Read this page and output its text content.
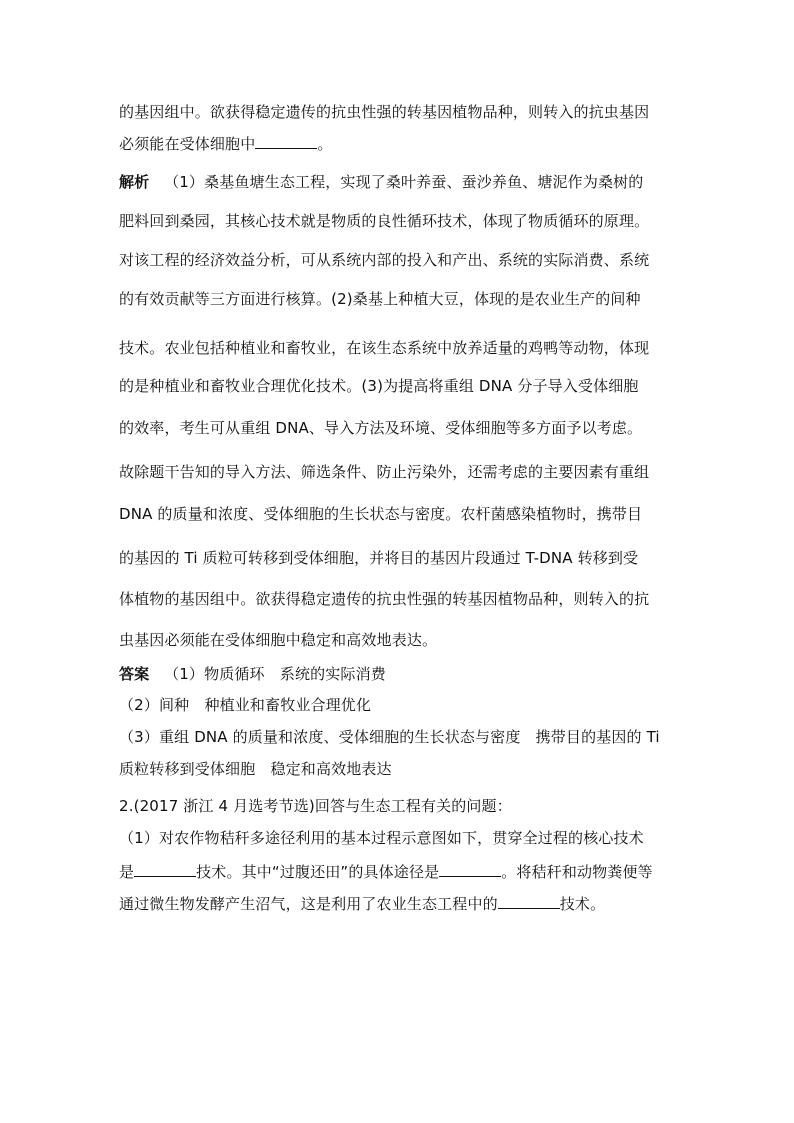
的基因组中。欲获得稳定遗传的抗虫性强的转基因植物品种，则转入的抗虫基因
必须能在受体细胞中	。
解析 （1）桑基鱼塘生态工程，实现了桑叶养蚕、蚕沙养鱼、塘泥作为桑树的
肥料回到桑园，其核心技术就是物质的良性循环技术，体现了物质循环的原理。
对该工程的经济效益分析，可从系统内部的投入和产出、系统的实际消费、系统
的有效贡献等三方面进行核算。(2)桑基上种植大豆，体现的是农业生产的间种
技术。农业包括种植业和畜牧业，在该生态系统中放养适量的鸡鸭等动物，体现
的是种植业和畜牧业合理优化技术。(3)为提高将重组 DNA 分子导入受体细胞
的效率，考生可从重组 DNA、导入方法及环境、受体细胞等多方面予以考虑。
故除题干告知的导入方法、筛选条件、防止污染外，还需考虑的主要因素有重组
DNA 的质量和浓度、受体细胞的生长状态与密度。农杆菌感染植物时，携带目
的基因的 Ti 质粒可转移到受体细胞，并将目的基因片段通过 T-DNA 转移到受
体植物的基因组中。欲获得稳定遗传的抗虫性强的转基因植物品种，则转入的抗
虫基因必须能在受体细胞中稳定和高效地表达。
答案 （1）物质循环　系统的实际消费
（2）间种　种植业和畜牧业合理优化
（3）重组 DNA 的质量和浓度、受体细胞的生长状态与密度　携带目的基因的 Ti
质粒转移到受体细胞　稳定和高效地表达
2.(2017 浙江 4 月选考节选)回答与生态工程有关的问题：
（1）对农作物秸秆多途径利用的基本过程示意图如下，贯穿全过程的核心技术
是	技术。其中“过腹还田”的具体途径是	。将秸秆和动物粪便等
通过微生物发酵产生沼气，这是利用了农业生态工程中的	技术。
